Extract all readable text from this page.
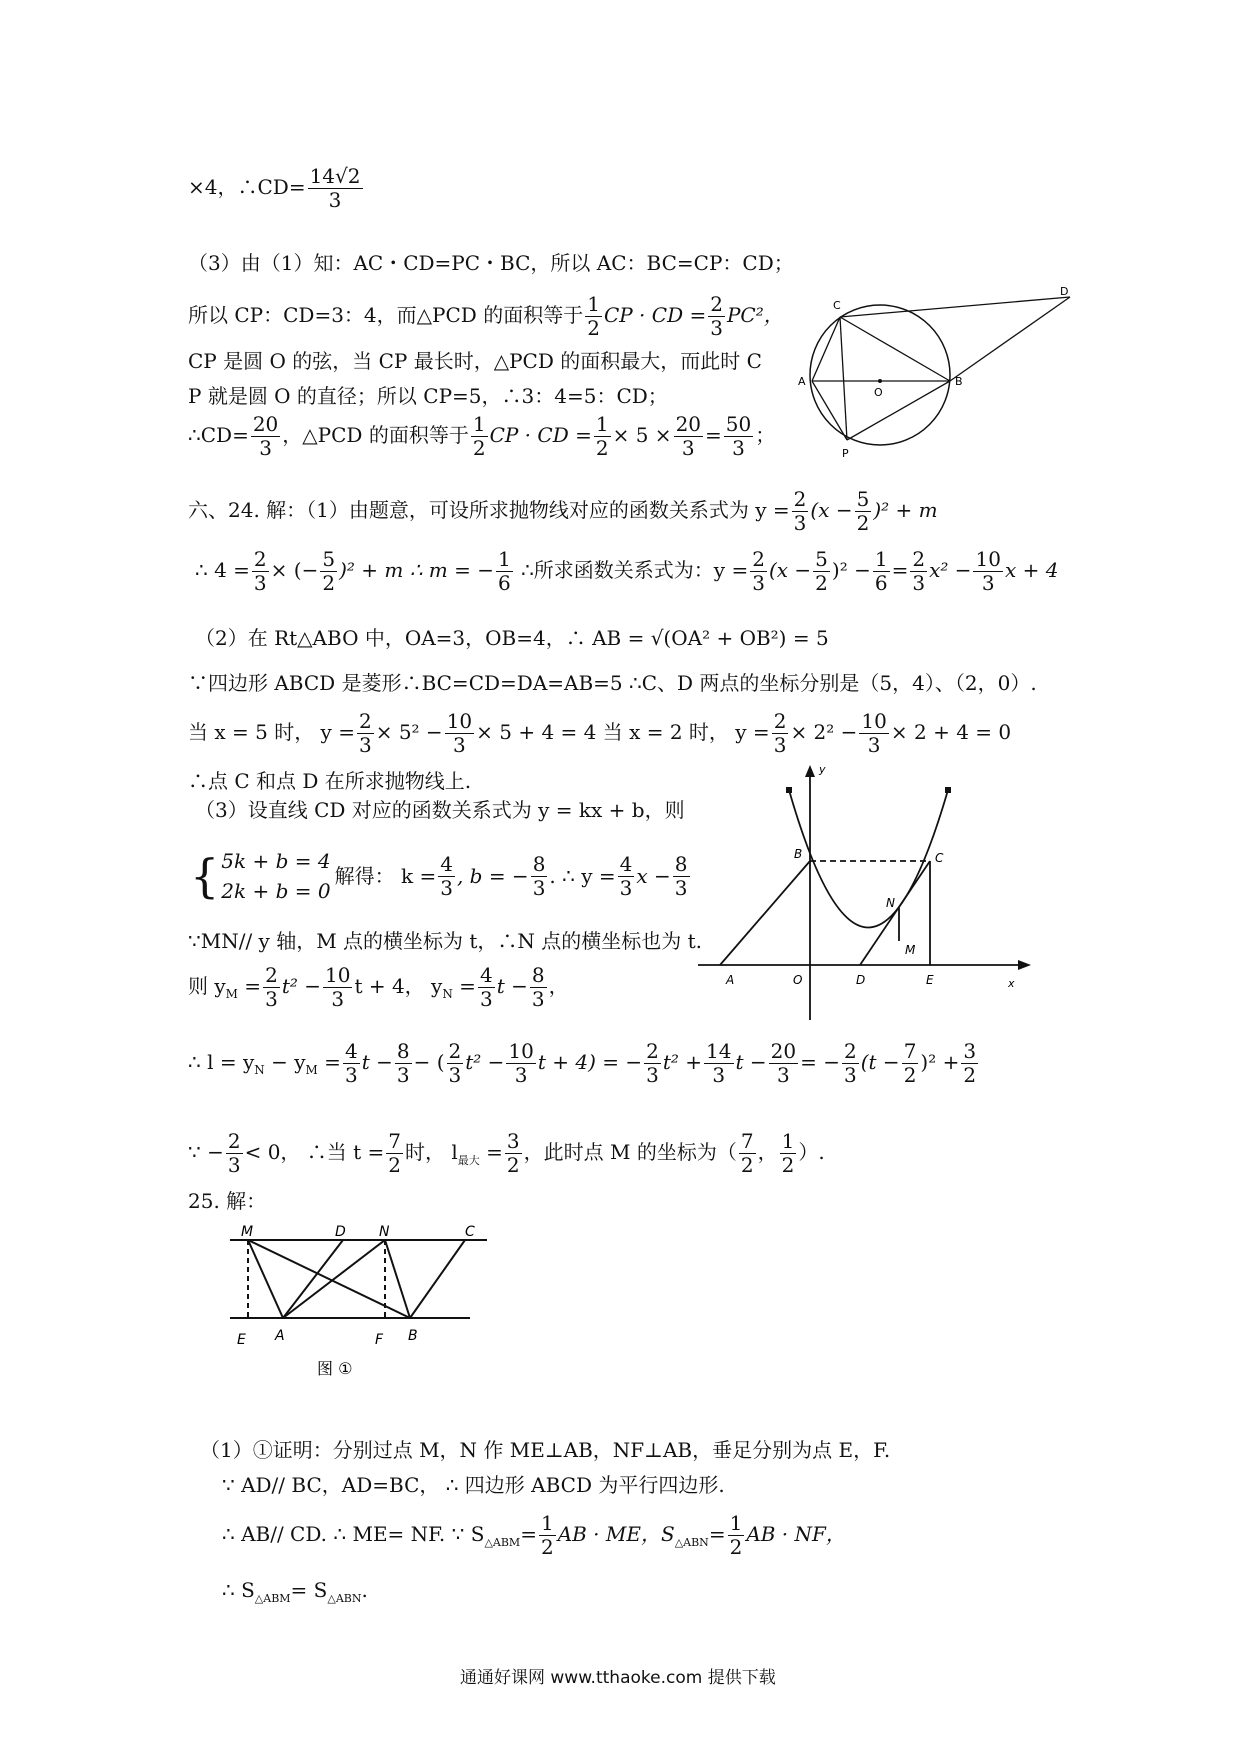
×4，∴CD= $\frac{14√2}{3}$
（3）由（1）知：AC・CD=PC・BC，所以 AC：BC=CP：CD；
所以 CP：CD=3：4，而△PCD 的面积等于 $\frac{1}{2}$ CP · CD = $\frac{2}{3} PC^2$，
CP 是圆 O 的弦，当 CP 最长时，△PCD 的面积最大，而此时 C
P 就是圆 O 的直径；所以 CP=5，∴3：4=5：CD；
∴CD= $\frac{20}{3}$ ，△PCD 的面积等于 $\frac{1}{2}$ CP · CD = $\frac{1}{2} \times 5 \times \frac{20}{3} = \frac{50}{3}$ ；
C
D
A
O
B
P
六、24. 解：（1）由题意，可设所求抛物线对应的函数关系式为 $y = \frac{2}{3} (x - \frac{5}{2} )^2 + m$
∴ $4 = \frac{2}{3}$ × (− $\frac{5}{2} )^2 + m$ ∴ m = − $\frac{1}{6}$ ∴所求函数关系式为：$y = \frac{2}{3} (x - \frac{5}{2} )^2 - \frac{1}{6} = \frac{2}{3} x^2 - \frac{10}{3}$ x + 4
（2）在 Rt△ABO 中，OA=3，OB=4，∴ AB = √(OA² + OB²) = 5
∵四边形 ABCD 是菱形∴BC=CD=DA=AB=5 ∴C、D 两点的坐标分别是（5，4）、（2，0）.
当 x = 5 时， $y = \frac{2}{3} \times 5^2 - \frac{10}{3} \times 5 + 4 = 4$ 当 x = 2 时， $y = \frac{2}{3} \times 2^2 - \frac{10}{3} \times 2 + 4 = 0$
∴点 C 和点 D 在所求抛物线上.
（3）设直线 CD 对应的函数关系式为 y = kx + b，则
{ 5k + b = 4
2k + b = 0
解得： $k = \frac{4}{3}$ , b = − $\frac{8}{3}$ . ∴ $y = \frac{4}{3}$ $x - \frac{8}{3}$
∵MN// y 轴，M 点的横坐标为 t，∴N 点的横坐标也为 t.
则 $y_M = \frac{2}{3} t^2 - \frac{10}{3}$ t + 4， $y_N = \frac{4}{3}$ $t - \frac{8}{3}$ ，
y
B	C
N
M
A	O	D	E	x
∴ $l = y_N - y_M = \frac{4}{3}$ $t - \frac{8}{3}$ − ( $\frac{2}{3} t^2 - \frac{10}{3}$ t + 4) = − $\frac{2}{3} t^2 + \frac{14}{3}$ $t - \frac{20}{3}$ = − $\frac{2}{3} (t - \frac{7}{2} )^2 + \frac{3}{2}$
∵ − $\frac{2}{3} < 0$， ∴当 $t = \frac{7}{2}$ 时， $l_{最大} = \frac{3}{2}$ ，此时点 M 的坐标为（ $\frac{7}{2}$ ， $\frac{1}{2}$ ）.
25. 解：
M	D N	C
E A	F B
图 ①
（1）①证明：分别过点 M，N 作 ME⊥AB，NF⊥AB，垂足分别为点 E，F.
∵ AD// BC，AD=BC， ∴ 四边形 ABCD 为平行四边形.
∴ AB// CD. ∴ ME= NF. ∵ $S_{\triangle ABM}= \frac{1}{2}$ AB · ME，$S_{\triangle ABN}= \frac{1}{2}$ AB · NF，
∴ $S_{\triangle ABM}= S_{\triangle ABN}$.
通通好课网 www.tthaoke.com 提供下载
